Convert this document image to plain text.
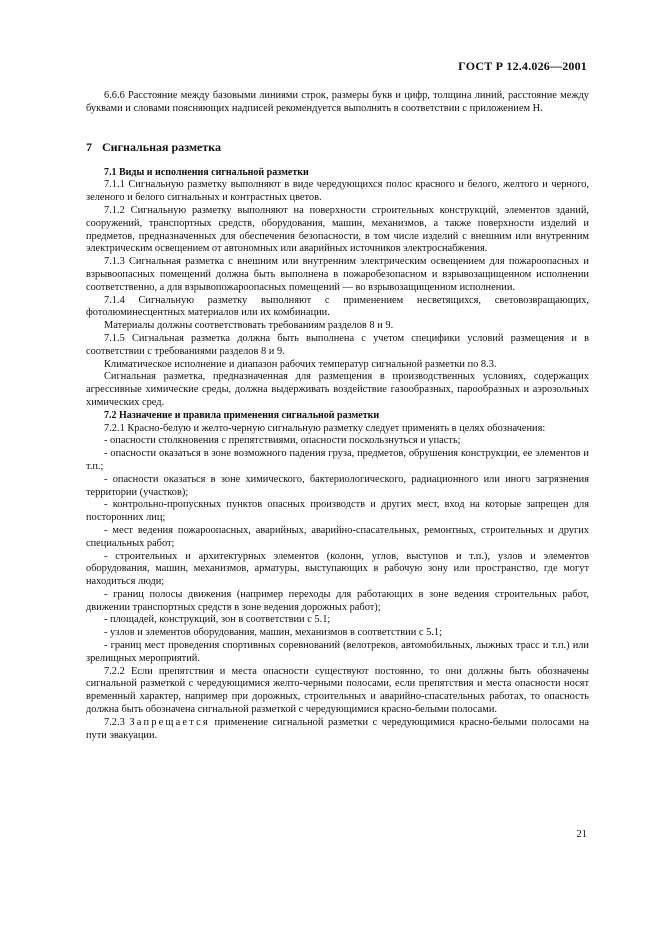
ГОСТ Р 12.4.026—2001

6.6.6 Расстояние между базовыми линиями строк, размеры букв и цифр, толщина линий, расстояние между буквами и словами поясняющих надписей рекомендуется выполнять в соответствии с приложением Н.

7 Сигнальная разметка

7.1 Виды и исполнения сигнальной разметки

7.1.1 Сигнальную разметку выполняют в виде чередующихся полос красного и белого, желтого и черного, зеленого и белого сигнальных и контрастных цветов.

7.1.2 Сигнальную разметку выполняют на поверхности строительных конструкций, элементов зданий, сооружений, транспортных средств, оборудования, машин, механизмов, а также поверхности изделий и предметов, предназначенных для обеспечения безопасности, в том числе изделий с внешним или внутренним электрическим освещением от автономных или аварийных источников электроснабжения.

7.1.3 Сигнальная разметка с внешним или внутренним электрическим освещением для пожароопасных и взрывоопасных помещений должна быть выполнена в пожаробезопасном и взрывозащищенном исполнении соответственно, а для взрывопожароопасных помещений — во взрывозащищенном исполнении.

7.1.4 Сигнальную разметку выполняют с применением несветящихся, световозвращающих, фотолюминесцентных материалов или их комбинации.

Материалы должны соответствовать требованиям разделов 8 и 9.

7.1.5 Сигнальная разметка должна быть выполнена с учетом специфики условий размещения и в соответствии с требованиями разделов 8 и 9.

Климатическое исполнение и диапазон рабочих температур сигнальной разметки по 8.3.

Сигнальная разметка, предназначенная для размещения в производственных условиях, содержащих агрессивные химические среды, должна выдерживать воздействие газообразных, парообразных и аэрозольных химических сред.

7.2 Назначение и правила применения сигнальной разметки

7.2.1 Красно-белую и желто-черную сигнальную разметку следует применять в целях обозначения:

- опасности столкновения с препятствиями, опасности поскользнуться и упасть;

- опасности оказаться в зоне возможного падения груза, предметов, обрушения конструкции, ее элементов и т.п.;

- опасности оказаться в зоне химического, бактериологического, радиационного или иного загрязнения территории (участков);

- контрольно-пропускных пунктов опасных производств и других мест, вход на которые запрещен для посторонних лиц;

- мест ведения пожароопасных, аварийных, аварийно-спасательных, ремонтных, строительных и других специальных работ;

- строительных и архитектурных элементов (колонн, углов, выступов и т.п.), узлов и элементов оборудования, машин, механизмов, арматуры, выступающих в рабочую зону или пространство, где могут находиться люди;

- границ полосы движения (например переходы для работающих в зоне ведения строительных работ, движении транспортных средств в зоне ведения дорожных работ);

- площадей, конструкций, зон в соответствии с 5.1;

- узлов и элементов оборудования, машин, механизмов в соответствии с 5.1;

- границ мест проведения спортивных соревнований (велотреков, автомобильных, лыжных трасс и т.п.) или зрелищных мероприятий.

7.2.2 Если препятствия и места опасности существуют постоянно, то они должны быть обозначены сигнальной разметкой с чередующимися желто-черными полосами, если препятствия и места опасности носят временный характер, например при дорожных, строительных и аварийно-спасательных работах, то опасность должна быть обозначена сигнальной разметкой с чередующимися красно-белыми полосами.

7.2.3 Запрещается применение сигнальной разметки с чередующимися красно-белыми полосами на пути эвакуации.

21
